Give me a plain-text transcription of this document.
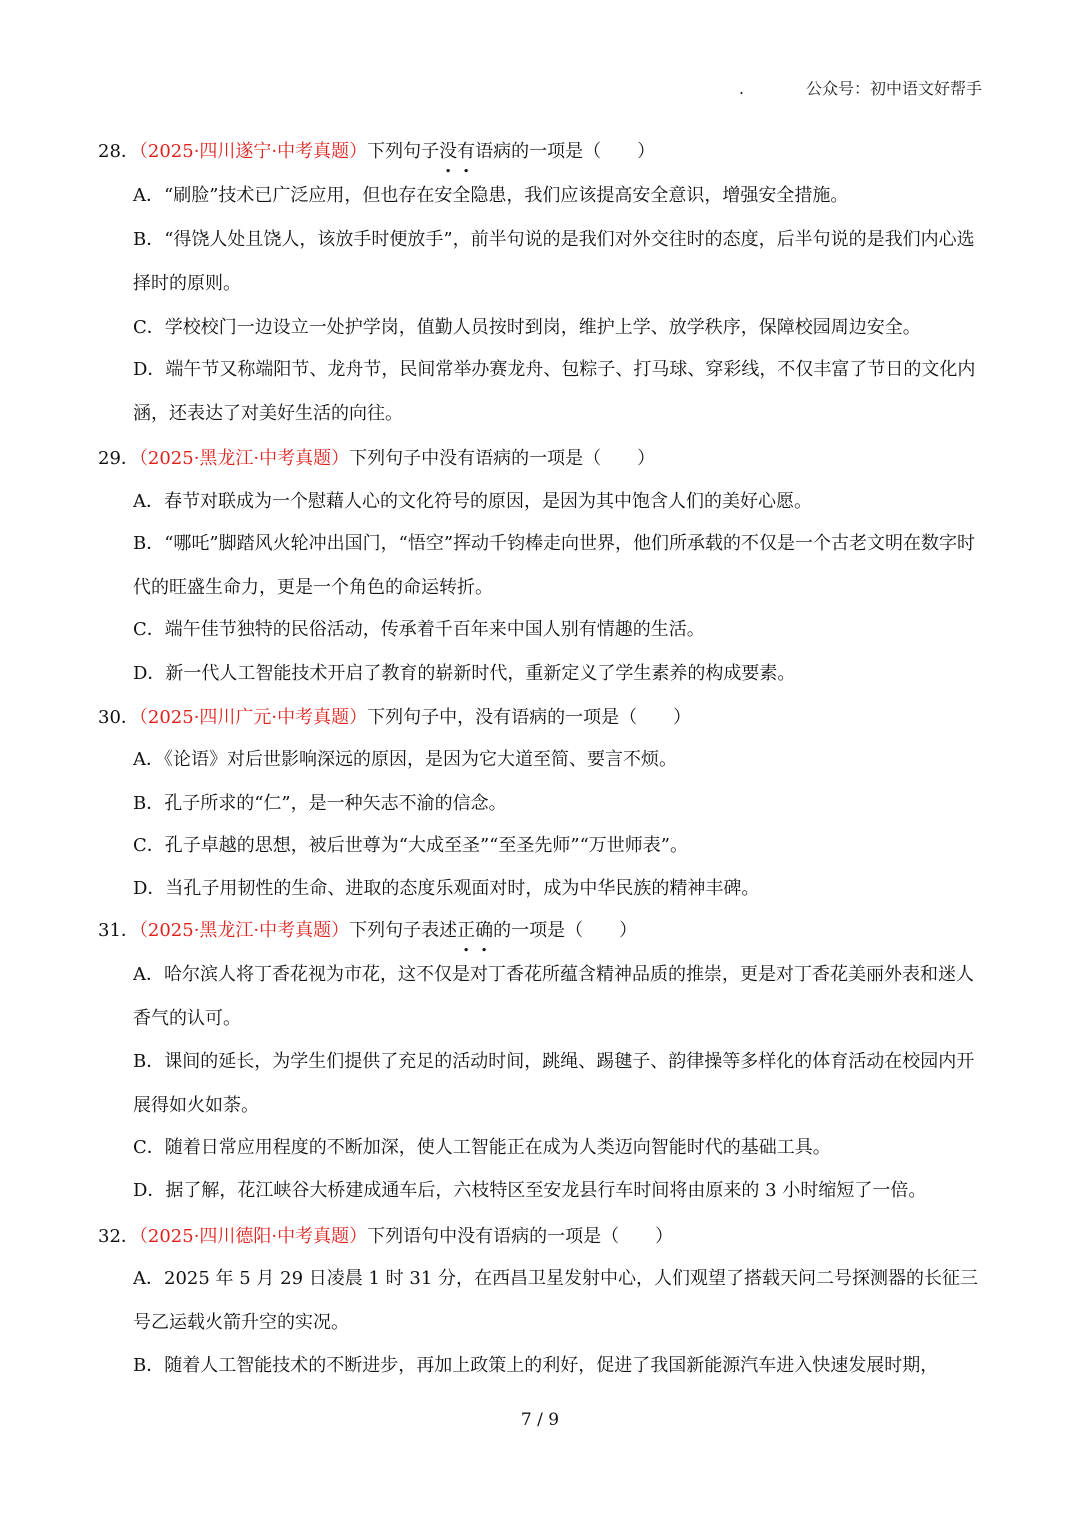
.	公众号：初中语文好帮手
28．（2025·四川遂宁·中考真题）下列句子没有语病的一项是（　　）
A．“刷脸”技术已广泛应用，但也存在安全隐患，我们应该提高安全意识，增强安全措施。
B．“得饶人处且饶人，该放手时便放手”，前半句说的是我们对外交往时的态度，后半句说的是我们内心选择时的原则。
C．学校校门一边设立一处护学岗，值勤人员按时到岗，维护上学、放学秩序，保障校园周边安全。
D．端午节又称端阳节、龙舟节，民间常举办赛龙舟、包粽子、打马球、穿彩线，不仅丰富了节日的文化内涵，还表达了对美好生活的向往。
29．（2025·黑龙江·中考真题）下列句子中没有语病的一项是（　　）
A．春节对联成为一个慰藉人心的文化符号的原因，是因为其中饱含人们的美好心愿。
B．“哪吒”脚踏风火轮冲出国门，“悟空”挥动千钧棒走向世界，他们所承载的不仅是一个古老文明在数字时代的旺盛生命力，更是一个角色的命运转折。
C．端午佳节独特的民俗活动，传承着千百年来中国人别有情趣的生活。
D．新一代人工智能技术开启了教育的崭新时代，重新定义了学生素养的构成要素。
30．（2025·四川广元·中考真题）下列句子中，没有语病的一项是（　　）
A．《论语》对后世影响深远的原因，是因为它大道至简、要言不烦。
B．孔子所求的“仁”，是一种矢志不渝的信念。
C．孔子卓越的思想，被后世尊为“大成至圣”“至圣先师”“万世师表”。
D．当孔子用韧性的生命、进取的态度乐观面对时，成为中华民族的精神丰碑。
31．（2025·黑龙江·中考真题）下列句子表述正确的一项是（　　）
A．哈尔滨人将丁香花视为市花，这不仅是对丁香花所蕴含精神品质的推崇，更是对丁香花美丽外表和迷人香气的认可。
B．课间的延长，为学生们提供了充足的活动时间，跳绳、踢毽子、韵律操等多样化的体育活动在校园内开展得如火如荼。
C．随着日常应用程度的不断加深，使人工智能正在成为人类迈向智能时代的基础工具。
D．据了解，花江峡谷大桥建成通车后，六枝特区至安龙县行车时间将由原来的 3 小时缩短了一倍。
32．（2025·四川德阳·中考真题）下列语句中没有语病的一项是（　　）
A．2025 年 5 月 29 日凌晨 1 时 31 分，在西昌卫星发射中心，人们观望了搭载天问二号探测器的长征三号乙运载火箭升空的实况。
B．随着人工智能技术的不断进步，再加上政策上的利好，促进了我国新能源汽车进入快速发展时期，
7 / 9
